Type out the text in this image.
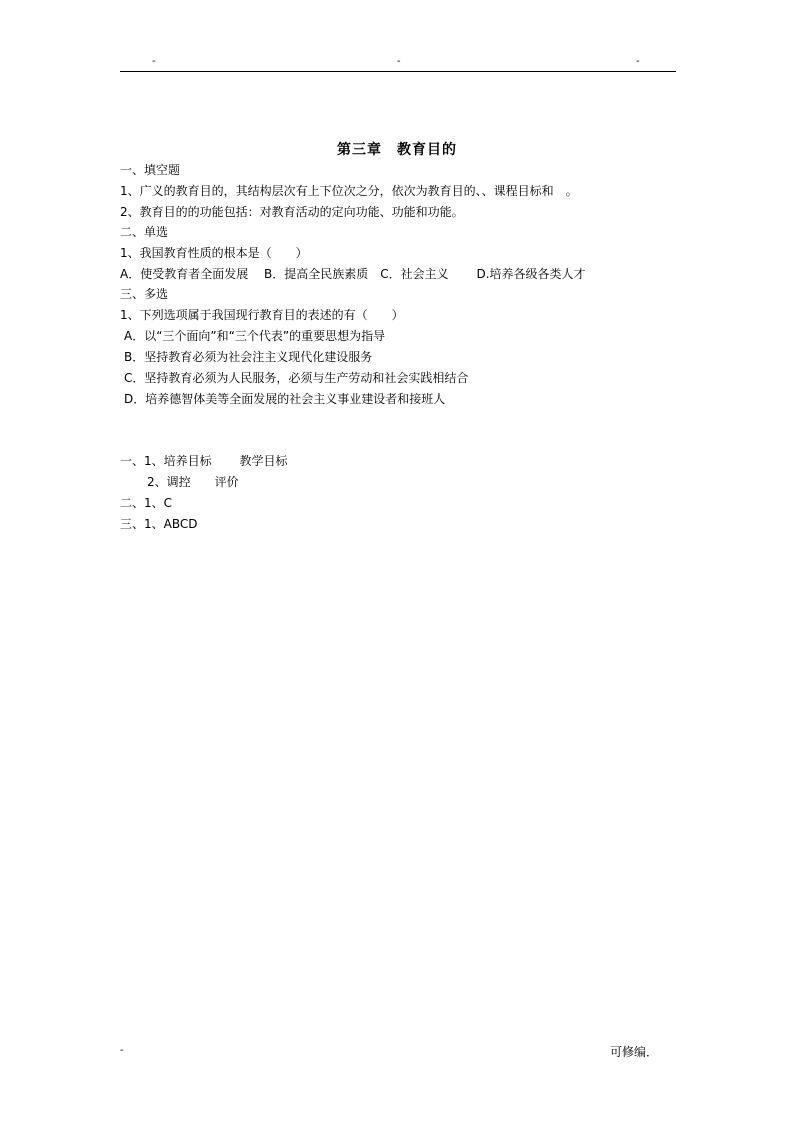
-	-	-
第三章　教育目的
一、填空题
1、广义的教育目的，其结构层次有上下位次之分，依次为教育目的、、课程目标和　。
2、教育目的的功能包括：对教育活动的定向功能、功能和功能。
二、单选
1、我国教育性质的根本是（　　）
A．使受教育者全面发展　 B．提高全民族素质　C．社会主义　　 D.培养各级各类人才
三、多选
1、下列选项属于我国现行教育目的表述的有（　　）
A．以“三个面向”和“三个代表”的重要思想为指导
B．坚持教育必须为社会注主义现代化建设服务
C．坚持教育必须为人民服务，必须与生产劳动和社会实践相结合
D．培养德智体美等全面发展的社会主义事业建设者和接班人
一、1、培养目标　　 教学目标
2、调控　　评价
二、1、C
三、1、ABCD
-	可修编．
